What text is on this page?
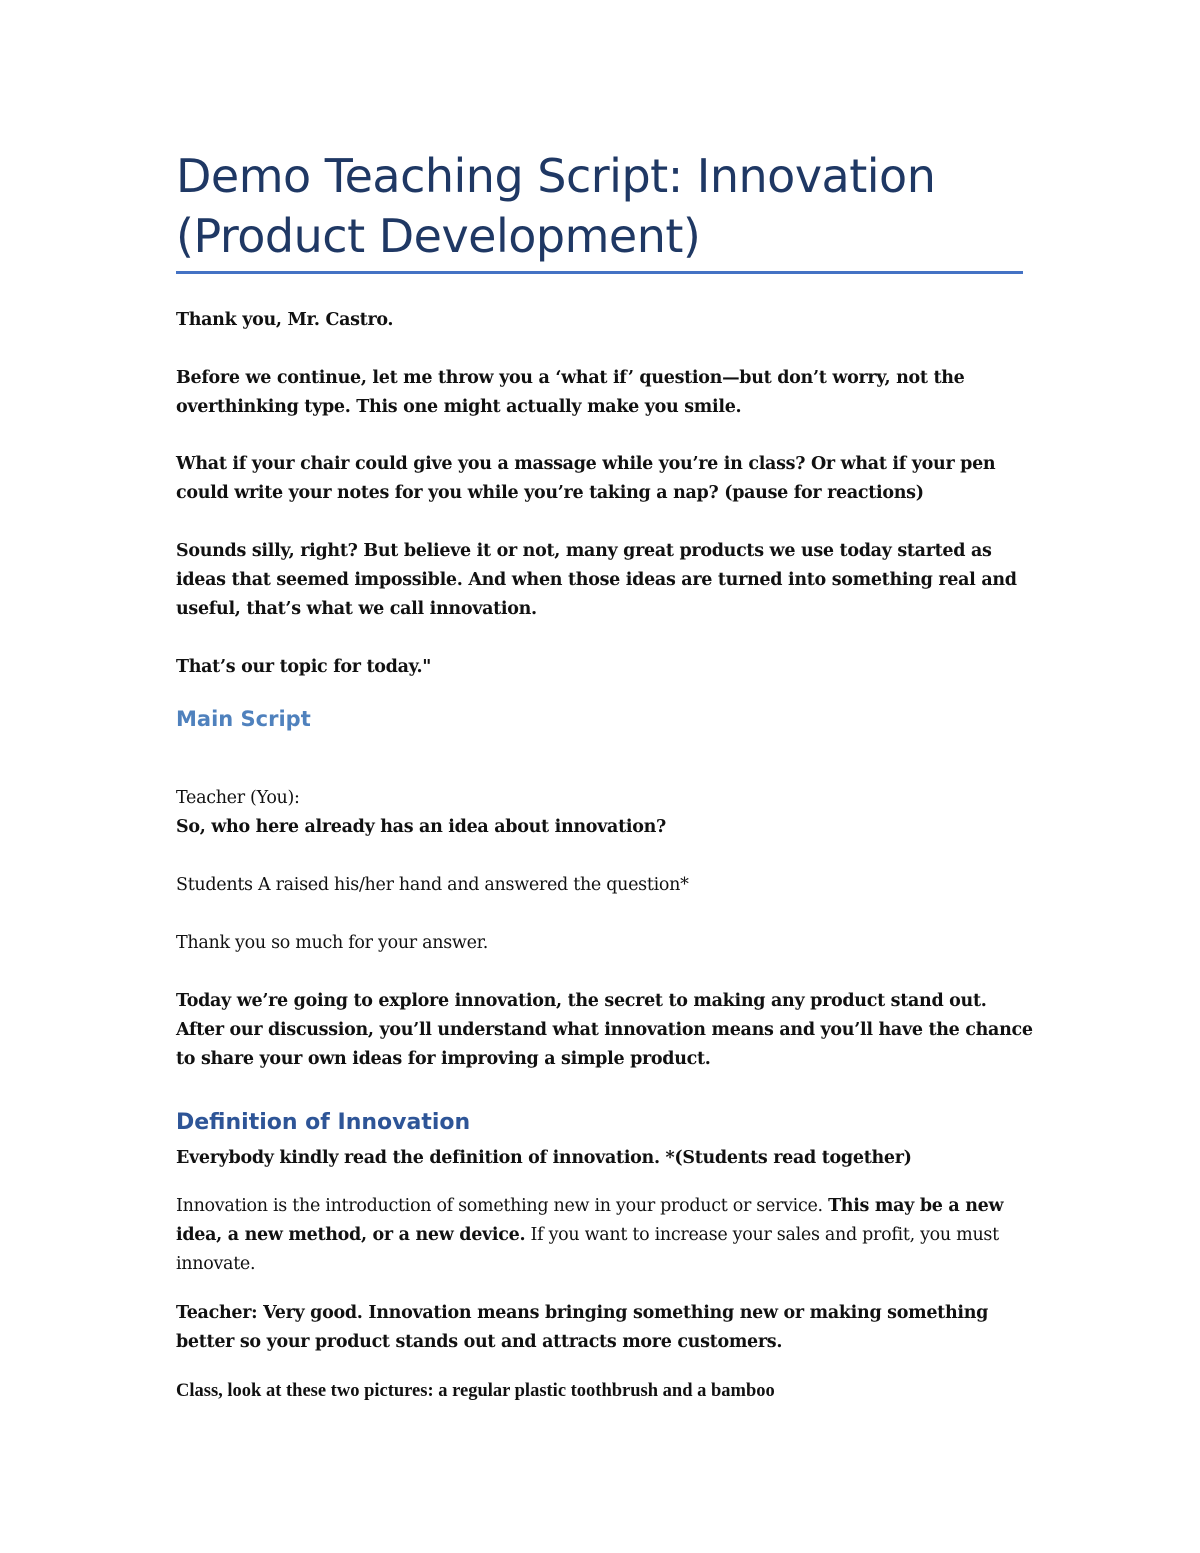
Demo Teaching Script: Innovation (Product Development)

Thank you, Mr. Castro.

Before we continue, let me throw you a ‘what if’ question—but don’t worry, not the overthinking type. This one might actually make you smile.

What if your chair could give you a massage while you’re in class? Or what if your pen could write your notes for you while you’re taking a nap? (pause for reactions)

Sounds silly, right? But believe it or not, many great products we use today started as ideas that seemed impossible. And when those ideas are turned into something real and useful, that’s what we call innovation.

That’s our topic for today."

Main Script

Teacher (You):

So, who here already has an idea about innovation?

Students A raised his/her hand and answered the question*

Thank you so much for your answer.

Today we’re going to explore innovation, the secret to making any product stand out. After our discussion, you’ll understand what innovation means and you’ll have the chance to share your own ideas for improving a simple product.

Definition of Innovation

Everybody kindly read the definition of innovation. *(Students read together)

Innovation is the introduction of something new in your product or service. This may be a new idea, a new method, or a new device. If you want to increase your sales and profit, you must innovate.

Teacher: Very good. Innovation means bringing something new or making something better so your product stands out and attracts more customers.

Class, look at these two pictures: a regular plastic toothbrush and a bamboo
